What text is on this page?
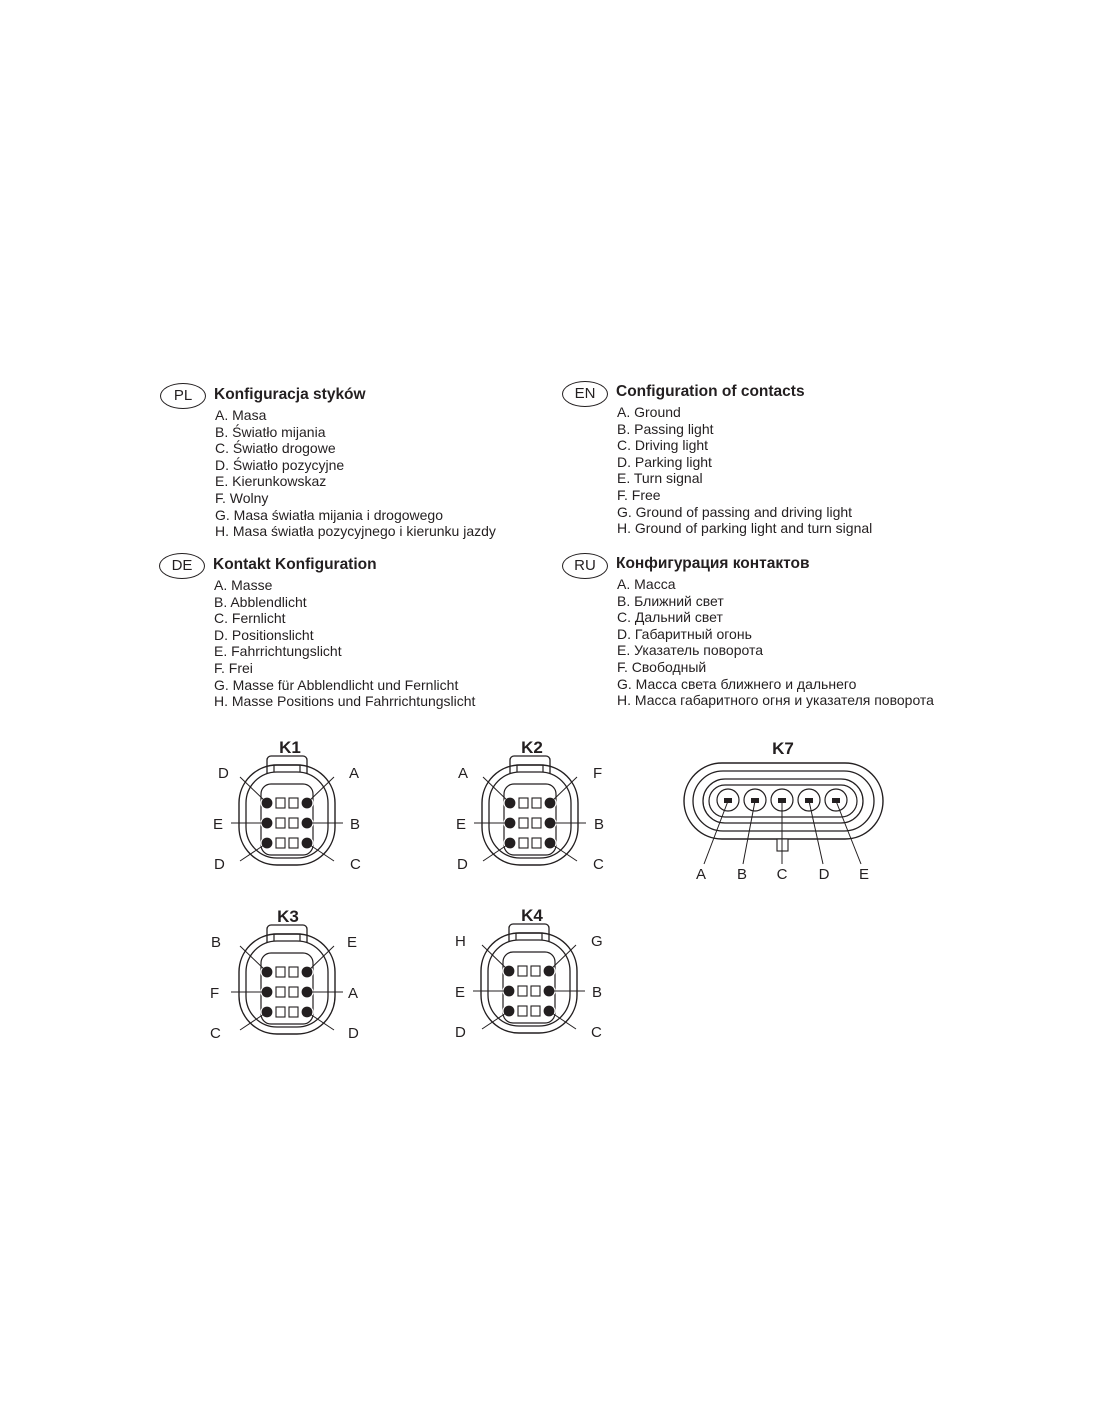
PL	Konfiguracja styków
A. Masa
B. Światło mijania
C. Światło drogowe
D. Światło pozycyjne
E. Kierunkowskaz
F. Wolny
G. Masa światła mijania i drogowego
H. Masa światła pozycyjnego i kierunku jazdy
EN	Configuration of contacts
A. Ground
B. Passing light
C. Driving light
D. Parking light
E. Turn signal
F. Free
G. Ground of passing and driving light
H. Ground of parking light and turn signal
DE	Kontakt Konfiguration
A. Masse
B. Abblendlicht
C. Fernlicht
D. Positionslicht
E. Fahrrichtungslicht
F. Frei
G. Masse für Abblendlicht und Fernlicht
H. Masse Positions und Fahrrichtungslicht
RU	Конфигурация контактов
A. Масса
B. Ближний свет
C. Дальний свет
D. Габаритный огонь
E. Указатель поворота
F. Свободный
G. Масса света ближнего и дальнего
H. Масса габаритного огня и указателя поворота
K1
D	A
E	B
D	C
K2
A	F
E	B
D	C
K3
B	E
F	A
C	D
K4
H	G
E	B
D	C
K7
A B C D E
